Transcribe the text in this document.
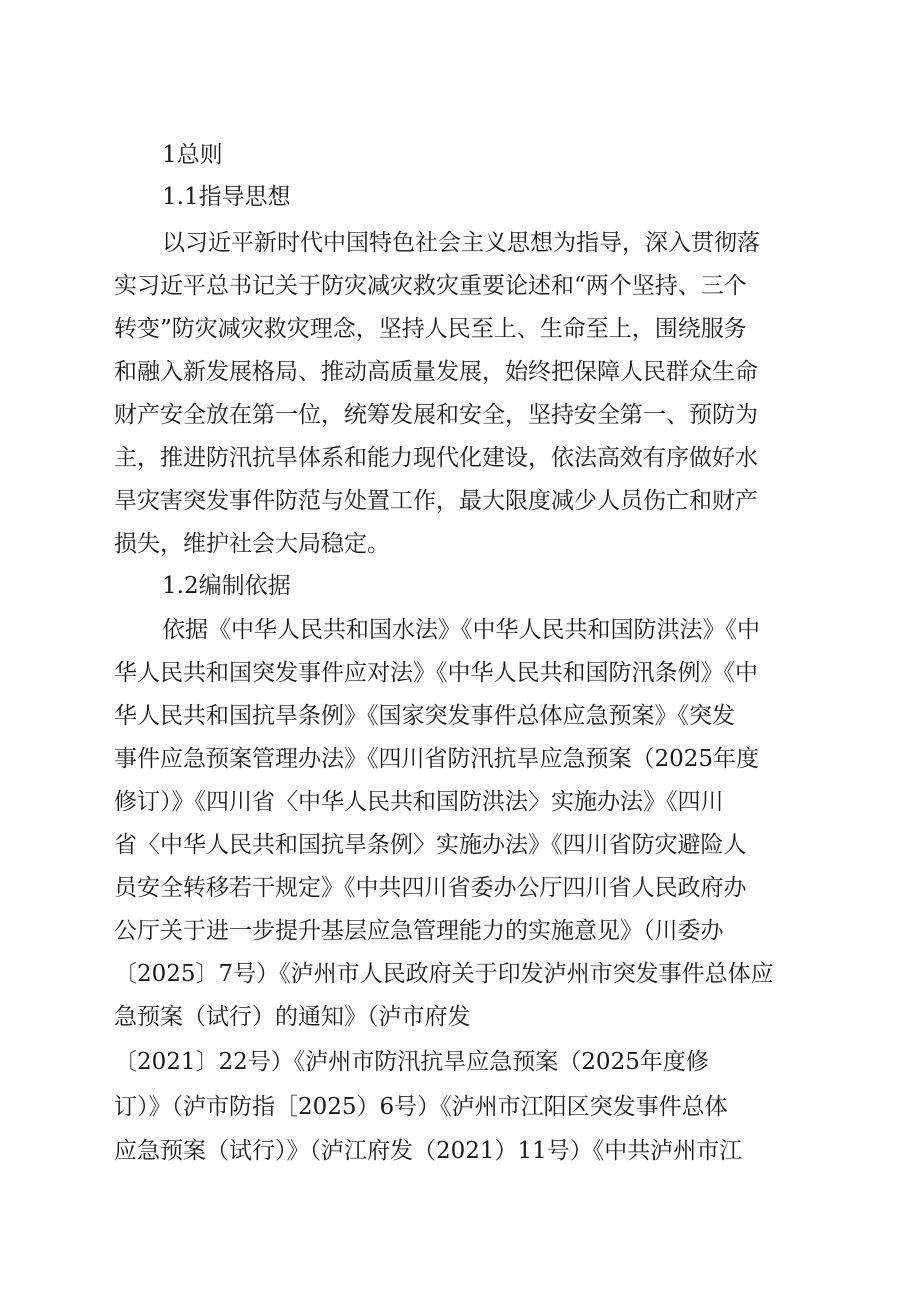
1总则

1.1指导思想

以习近平新时代中国特色社会主义思想为指导，深入贯彻落

实习近平总书记关于防灾减灾救灾重要论述和“两个坚持、三个

转变”防灾减灾救灾理念，坚持人民至上、生命至上，围绕服务

和融入新发展格局、推动高质量发展，始终把保障人民群众生命

财产安全放在第一位，统筹发展和安全，坚持安全第一、预防为

主，推进防汛抗旱体系和能力现代化建设，依法高效有序做好水

旱灾害突发事件防范与处置工作，最大限度减少人员伤亡和财产

损失，维护社会大局稳定。

1.2编制依据

依据《中华人民共和国水法》《中华人民共和国防洪法》《中

华人民共和国突发事件应对法》《中华人民共和国防汛条例》《中

华人民共和国抗旱条例》《国家突发事件总体应急预案》《突发

事件应急预案管理办法》《四川省防汛抗旱应急预案（2025年度

修订）》《四川省〈中华人民共和国防洪法〉实施办法》《四川

省〈中华人民共和国抗旱条例〉实施办法》《四川省防灾避险人

员安全转移若干规定》《中共四川省委办公厅四川省人民政府办

公厅关于进一步提升基层应急管理能力的实施意见》（川委办

〔2025〕7号）《泸州市人民政府关于印发泸州市突发事件总体应

急预案（试行）的通知》（泸市府发

〔2021〕22号）《泸州市防汛抗旱应急预案（2025年度修

订）》（泸市防指［2025）6号）《泸州市江阳区突发事件总体

应急预案（试行）》（泸江府发（2021）11号）《中共泸州市江
